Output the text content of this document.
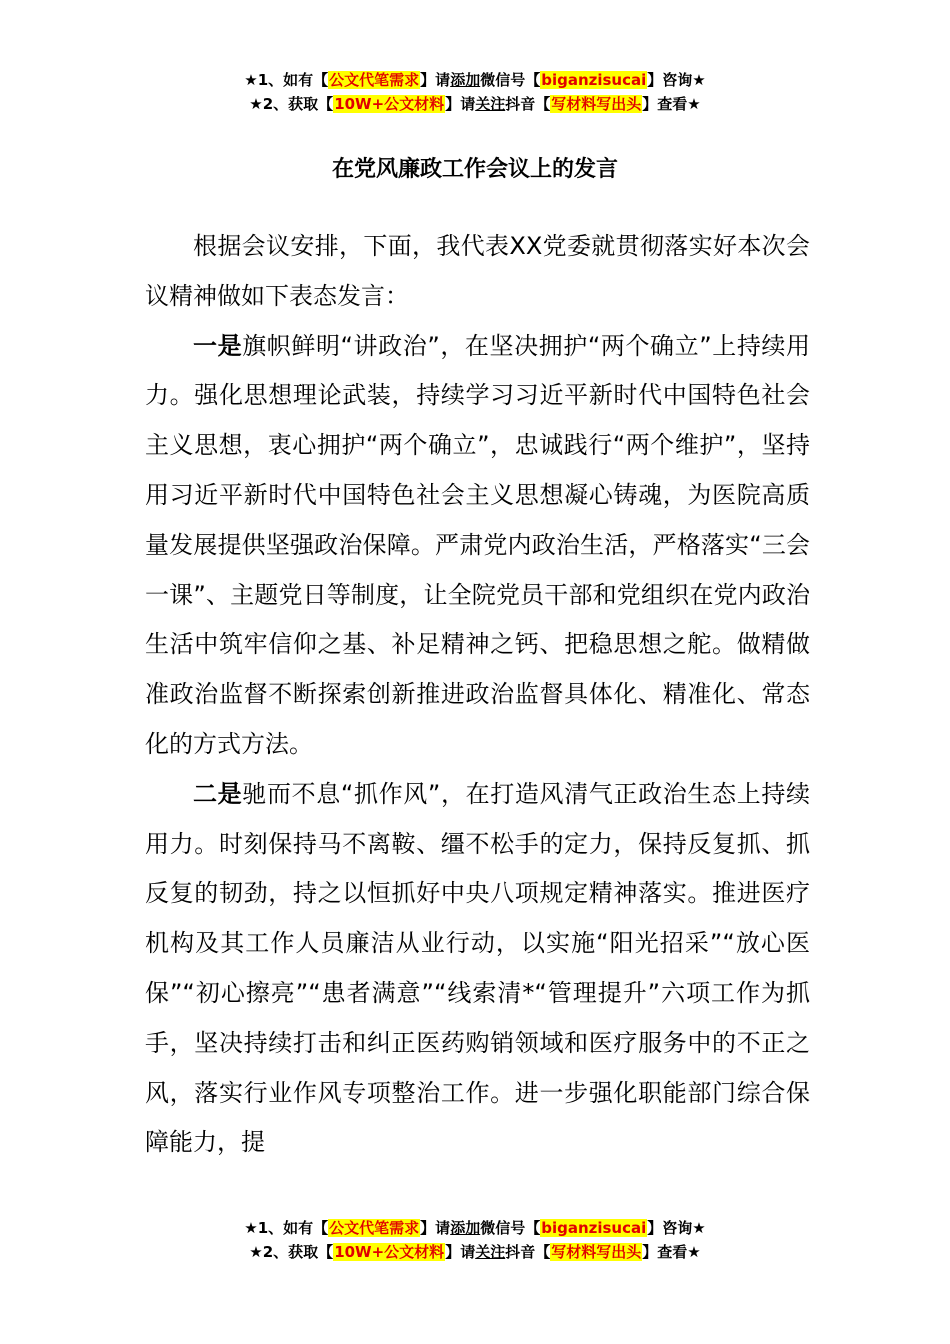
★1、如有【公文代笔需求】请添加微信号【biganzisucai】咨询★
★2、获取【10W+公文材料】请关注抖音【写材料写出头】查看★
在党风廉政工作会议上的发言

根据会议安排，下面，我代表XX党委就贯彻落实好本次会议精神做如下表态发言：

一是旗帜鲜明“讲政治”，在坚决拥护“两个确立”上持续用力。强化思想理论武装，持续学习习近平新时代中国特色社会主义思想，衷心拥护“两个确立”，忠诚践行“两个维护”，坚持用习近平新时代中国特色社会主义思想凝心铸魂，为医院高质量发展提供坚强政治保障。严肃党内政治生活，严格落实“三会一课”、主题党日等制度，让全院党员干部和党组织在党内政治生活中筑牢信仰之基、补足精神之钙、把稳思想之舵。做精做准政治监督不断探索创新推进政治监督具体化、精准化、常态化的方式方法。

二是驰而不息“抓作风”，在打造风清气正政治生态上持续用力。时刻保持马不离鞍、缰不松手的定力，保持反复抓、抓反复的韧劲，持之以恒抓好中央八项规定精神落实。推进医疗机构及其工作人员廉洁从业行动，以实施“阳光招采”“放心医保”“初心擦亮”“患者满意”“线索清*“管理提升”六项工作为抓手，坚决持续打击和纠正医药购销领域和医疗服务中的不正之风，落实行业作风专项整治工作。进一步强化职能部门综合保障能力，提

★1、如有【公文代笔需求】请添加微信号【biganzisucai】咨询★
★2、获取【10W+公文材料】请关注抖音【写材料写出头】查看★
